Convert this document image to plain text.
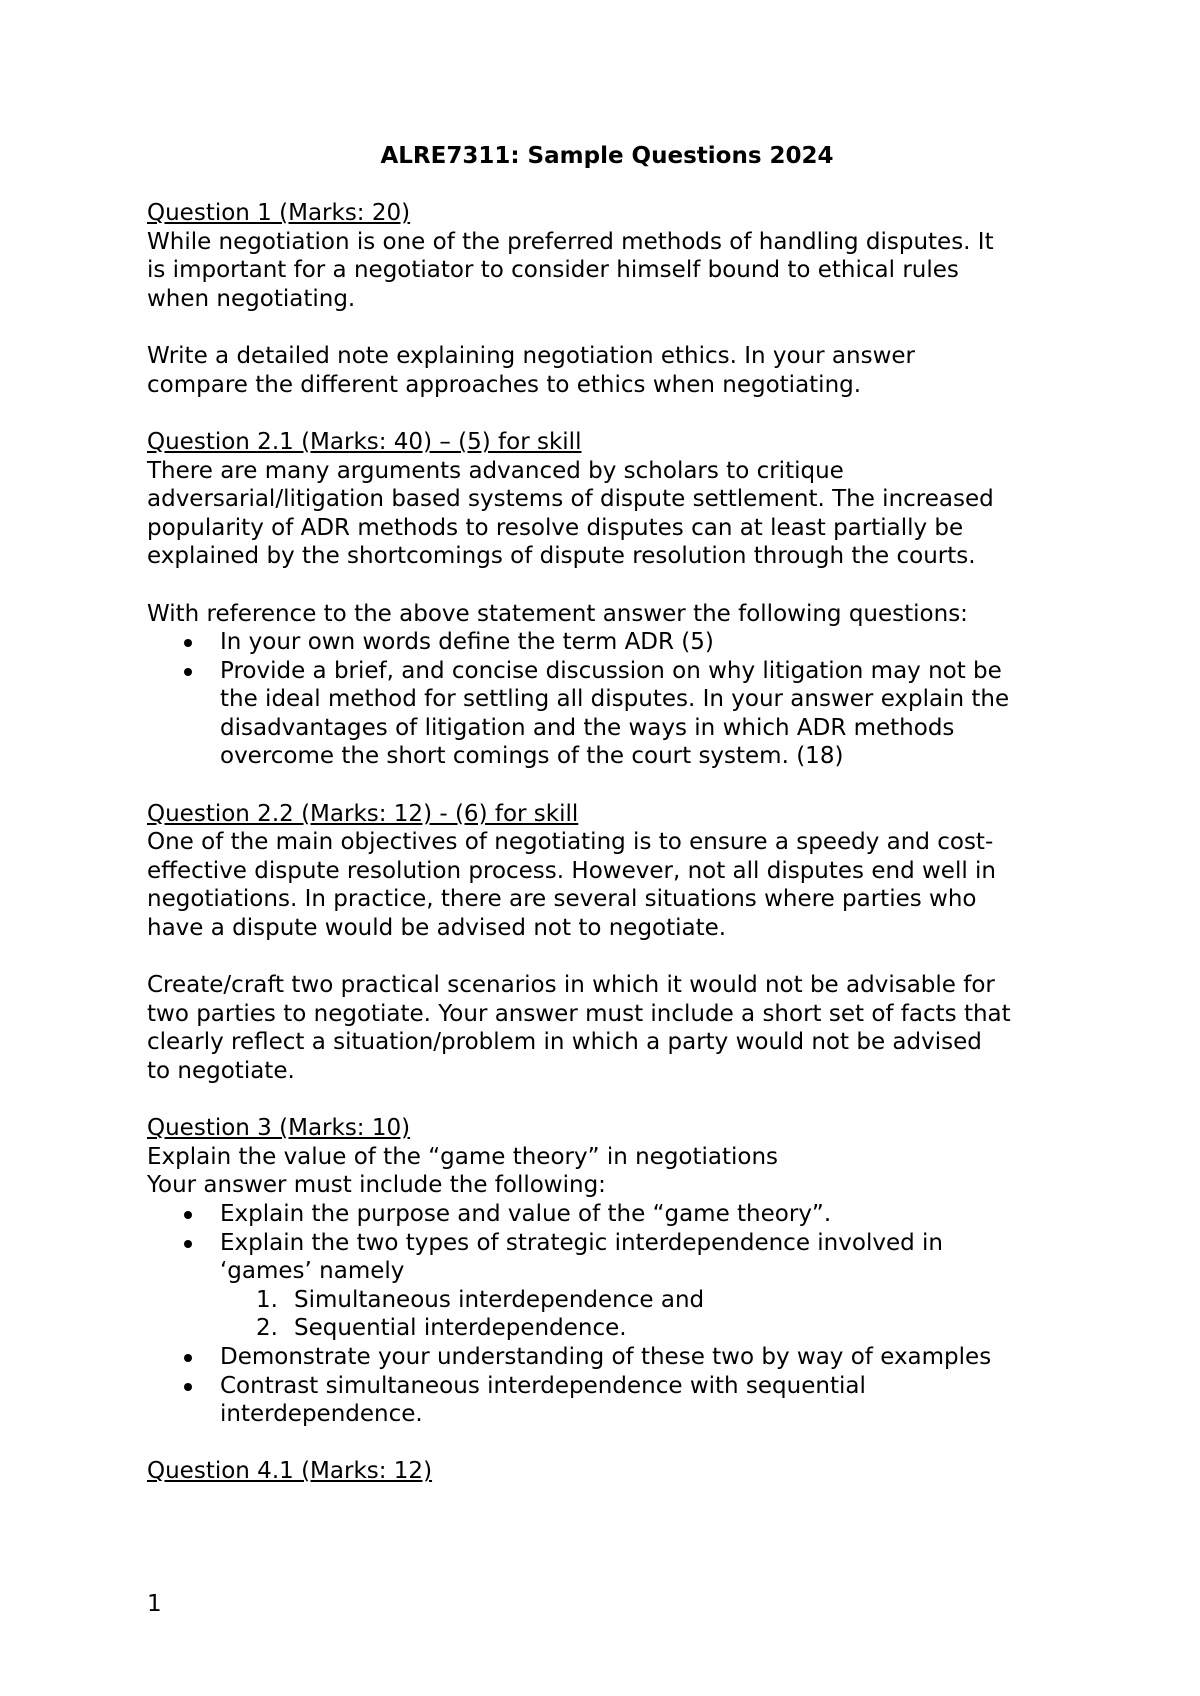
ALRE7311: Sample Questions 2024

Question 1 (Marks: 20)

While negotiation is one of the preferred methods of handling disputes. It
is important for a negotiator to consider himself bound to ethical rules
when negotiating.

Write a detailed note explaining negotiation ethics. In your answer
compare the different approaches to ethics when negotiating.

Question 2.1 (Marks: 40) – (5) for skill

There are many arguments advanced by scholars to critique
adversarial/litigation based systems of dispute settlement. The increased
popularity of ADR methods to resolve disputes can at least partially be
explained by the shortcomings of dispute resolution through the courts.

With reference to the above statement answer the following questions:

In your own words define the term ADR (5)
Provide a brief, and concise discussion on why litigation may not be
the ideal method for settling all disputes. In your answer explain the
disadvantages of litigation and the ways in which ADR methods
overcome the short comings of the court system. (18)

Question 2.2 (Marks: 12) - (6) for skill

One of the main objectives of negotiating is to ensure a speedy and cost-
effective dispute resolution process. However, not all disputes end well in
negotiations. In practice, there are several situations where parties who
have a dispute would be advised not to negotiate.

Create/craft two practical scenarios in which it would not be advisable for
two parties to negotiate. Your answer must include a short set of facts that
clearly reflect a situation/problem in which a party would not be advised
to negotiate.

Question 3 (Marks: 10)

Explain the value of the “game theory” in negotiations

Your answer must include the following:

Explain the purpose and value of the “game theory”.
Explain the two types of strategic interdependence involved in
‘games’ namely
1. Simultaneous interdependence and
2. Sequential interdependence.
Demonstrate your understanding of these two by way of examples
Contrast simultaneous interdependence with sequential
interdependence.

Question 4.1 (Marks: 12)

1
